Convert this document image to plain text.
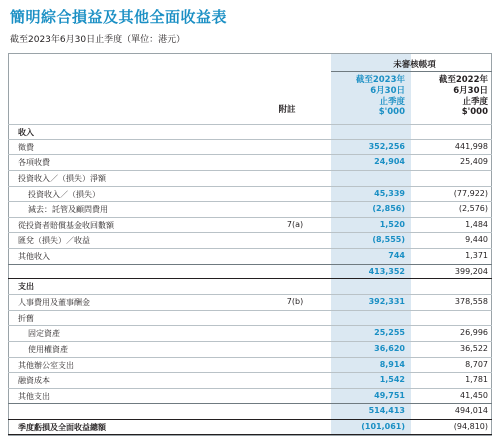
簡明綜合損益及其他全面收益表
截至2023年6月30日止季度（單位：港元）
未審核帳項
截至2023年
6月30日
止季度
$'000
截至2022年
6月30日
止季度
$'000
附註
收入
徵費	352,256	441,998
各項收費	24,904	25,409
投資收入／（損失）淨額
投資收入／（損失）	45,339	(77,922)
減去：託管及顧問費用	(2,856)	(2,576)
從投資者賠償基金收回數額	7(a)	1,520	1,484
匯兌（損失）／收益	(8,555)	9,440
其他收入	744	1,371
413,352	399,204
支出
人事費用及董事酬金	7(b)	392,331	378,558
折舊
固定資產	25,255	26,996
使用權資產	36,620	36,522
其他辦公室支出	8,914	8,707
融資成本	1,542	1,781
其他支出	49,751	41,450
514,413	494,014
季度虧損及全面收益總額	(101,061)	(94,810)
